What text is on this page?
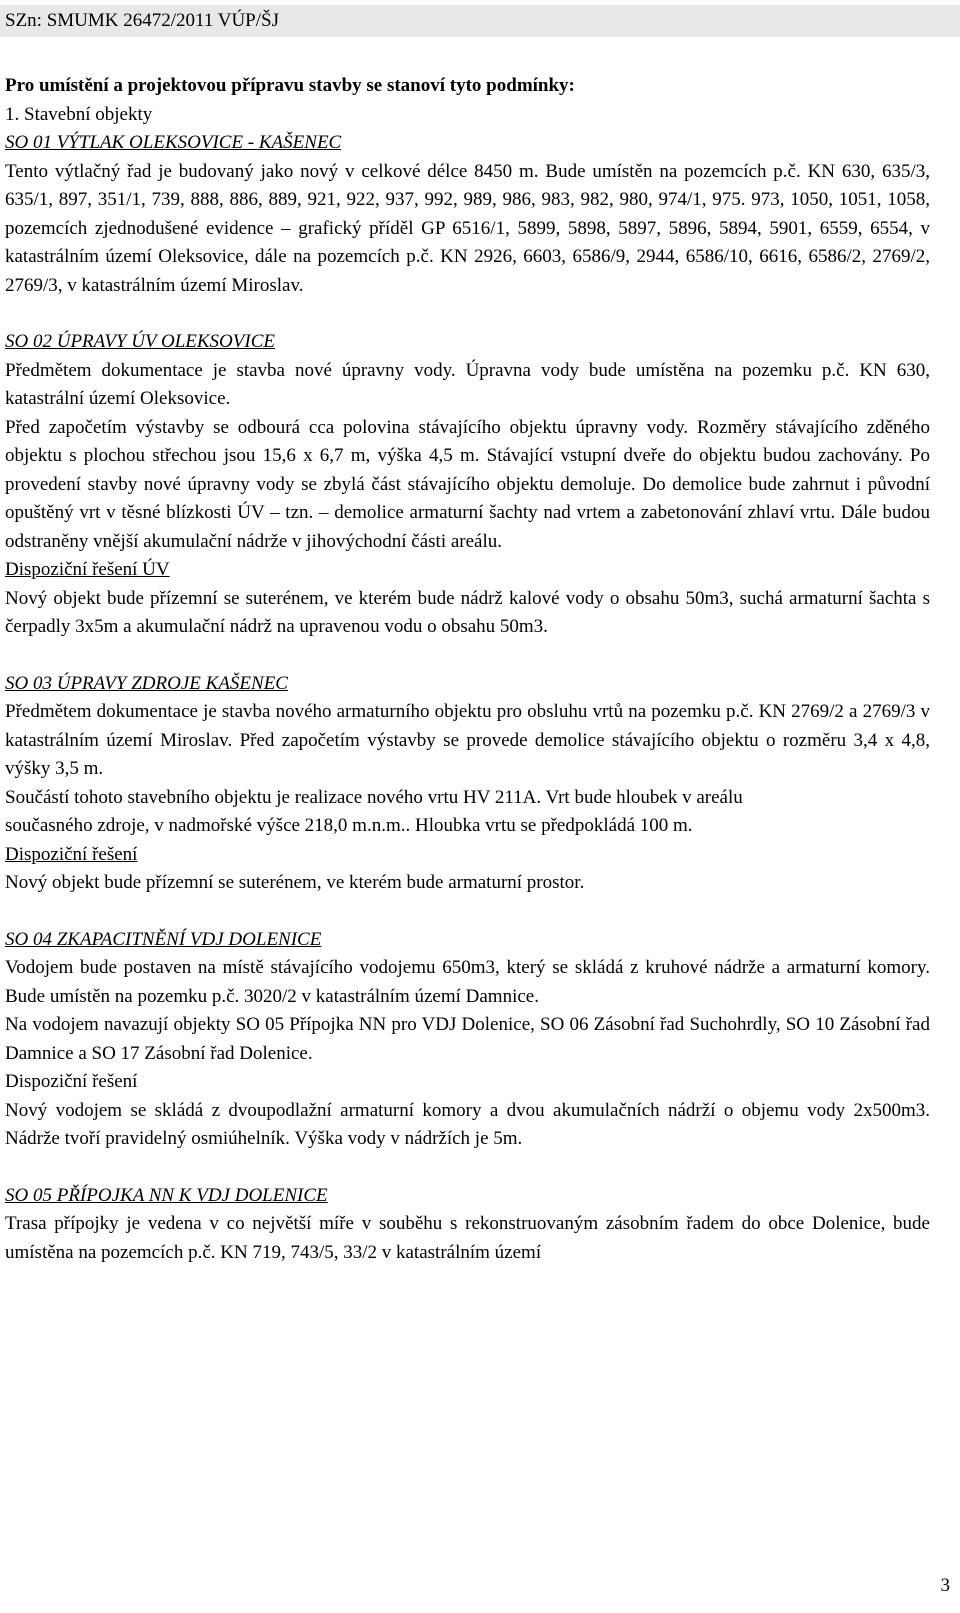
SZn: SMUMK 26472/2011 VÚP/ŠJ

Pro umístění a projektovou přípravu stavby se stanoví tyto podmínky:

1. Stavební objekty

SO 01 VÝTLAK OLEKSOVICE - KAŠENEC

Tento výtlačný řad je budovaný jako nový v celkové délce 8450 m. Bude umístěn na pozemcích p.č. KN 630, 635/3, 635/1, 897, 351/1, 739, 888, 886, 889, 921, 922, 937, 992, 989, 986, 983, 982, 980, 974/1, 975. 973, 1050, 1051, 1058, pozemcích zjednodušené evidence – grafický příděl GP 6516/1, 5899, 5898, 5897, 5896, 5894, 5901, 6559, 6554, v katastrálním území Oleksovice, dále na pozemcích p.č. KN 2926, 6603, 6586/9, 2944, 6586/10, 6616, 6586/2, 2769/2, 2769/3, v katastrálním území Miroslav.

SO 02 ÚPRAVY ÚV OLEKSOVICE

Předmětem dokumentace je stavba nové úpravny vody. Úpravna vody bude umístěna na pozemku p.č. KN 630, katastrální území Oleksovice.

Před započetím výstavby se odbourá cca polovina stávajícího objektu úpravny vody. Rozměry stávajícího zděného objektu s plochou střechou jsou 15,6 x 6,7 m, výška 4,5 m. Stávající vstupní dveře do objektu budou zachovány. Po provedení stavby nové úpravny vody se zbylá část stávajícího objektu demoluje. Do demolice bude zahrnut i původní opuštěný vrt v těsné blízkosti ÚV – tzn. – demolice armaturní šachty nad vrtem a zabetonování zhlaví vrtu. Dále budou odstraněny vnější akumulační nádrže v jihovýchodní části areálu.

Dispoziční řešení ÚV

Nový objekt bude přízemní se suterénem, ve kterém bude nádrž kalové vody o obsahu 50m3, suchá armaturní šachta s čerpadly 3x5m a akumulační nádrž na upravenou vodu o obsahu 50m3.

SO 03 ÚPRAVY ZDROJE KAŠENEC

Předmětem dokumentace je stavba nového armaturního objektu pro obsluhu vrtů na pozemku p.č. KN 2769/2 a 2769/3 v katastrálním území Miroslav. Před započetím výstavby se provede demolice stávajícího objektu o rozměru 3,4 x 4,8, výšky 3,5 m.

Součástí tohoto stavebního objektu je realizace nového vrtu HV 211A. Vrt bude hloubek v areálu

současného zdroje, v nadmořské výšce 218,0 m.n.m.. Hloubka vrtu se předpokládá 100 m.

Dispoziční řešení

Nový objekt bude přízemní se suterénem, ve kterém bude armaturní prostor.

SO 04 ZKAPACITNĚNÍ VDJ DOLENICE

Vodojem bude postaven na místě stávajícího vodojemu 650m3, který se skládá z kruhové nádrže a armaturní komory. Bude umístěn na pozemku p.č. 3020/2 v katastrálním území Damnice.

Na vodojem navazují objekty SO 05 Přípojka NN pro VDJ Dolenice, SO 06 Zásobní řad Suchohrdly, SO 10 Zásobní řad Damnice a SO 17 Zásobní řad Dolenice.

Dispoziční řešení

Nový vodojem se skládá z dvoupodlažní armaturní komory a dvou akumulačních nádrží o objemu vody 2x500m3. Nádrže tvoří pravidelný osmiúhelník. Výška vody v nádržích je 5m.

SO 05 PŘÍPOJKA NN K VDJ DOLENICE

Trasa přípojky je vedena v co největší míře v souběhu s rekonstruovaným zásobním řadem do obce Dolenice, bude umístěna na pozemcích p.č. KN 719, 743/5, 33/2 v katastrálním území

3
